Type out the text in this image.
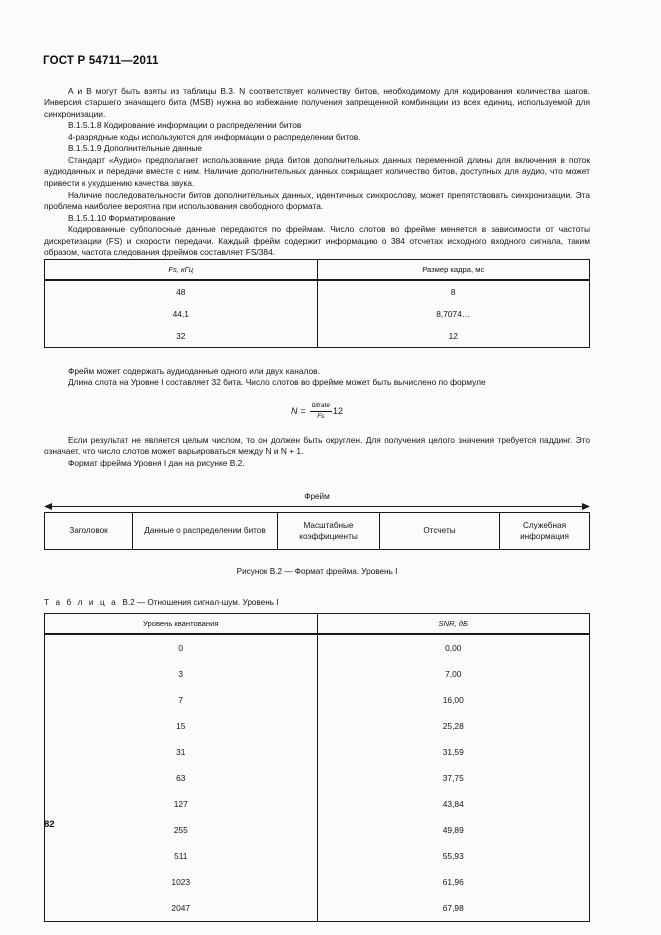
ГОСТ Р 54711—2011

А и В могут быть взяты из таблицы В.3. N соответствует количеству битов, необходимому для кодирования количества шагов. Инверсия старшего значащего бита (MSB) нужна во избежание получения запрещенной комбинации из всех единиц, используемой для синхронизации.

В.1.5.1.8 Кодирование информации о распределении битов

4-разрядные коды используются для информации о распределении битов.

В.1.5.1.9 Дополнительные данные

Стандарт «Аудио» предполагает использование ряда битов дополнительных данных переменной длины для включения в поток аудиоданных и передачи вместе с ним. Наличие дополнительных данных сокращает количество битов, доступных для аудио, что может привести к ухудшению качества звука.

Наличие последовательности битов дополнительных данных, идентичных синхрослову, может препятствовать синхронизации. Эта проблема наиболее вероятна при использования свободного формата.

В.1.5.1.10 Форматирование

Кодированные субполосные данные передаются по фреймам. Число слотов во фрейме меняется в зависимости от частоты дискретизации (FS) и скорости передачи. Каждый фрейм содержит информацию о 384 отсчетах исходного входного сигнала, таким образом, частота следования фреймов составляет FS/384.

Fs, кГц	Размер кадра, мс
48	8
44,1	8,7074…
32	12

Фрейм может содержать аудиоданные одного или двух каналов.

Длина слота на Уровне I составляет 32 бита. Число слотов во фрейме может быть вычислено по формуле

$N = \frac{\text{bitrate}}{Fs} 12$

Если результат не является целым числом, то он должен быть округлен. Для получения целого значения требуется паддинг. Это означает, что число слотов может варьироваться между N и N + 1.

Формат фрейма Уровня I дан на рисунке В.2.

Фрейм
Заголовок	Данные о распределении битов	Масштабные коэффициенты	Отсчеты	Служебная информация
Рисунок В.2 — Формат фрейма. Уровень I
Т а б л и ц а В.2 — Отношения сигнал-шум. Уровень I
Уровень квантования	SNR, дБ
0	0,00
3	7,00
7	16,00
15	25,28
31	31,59
63	37,75
127	43,84
255	49,89
511	55,93
1023	61,96
2047	67,98
82
